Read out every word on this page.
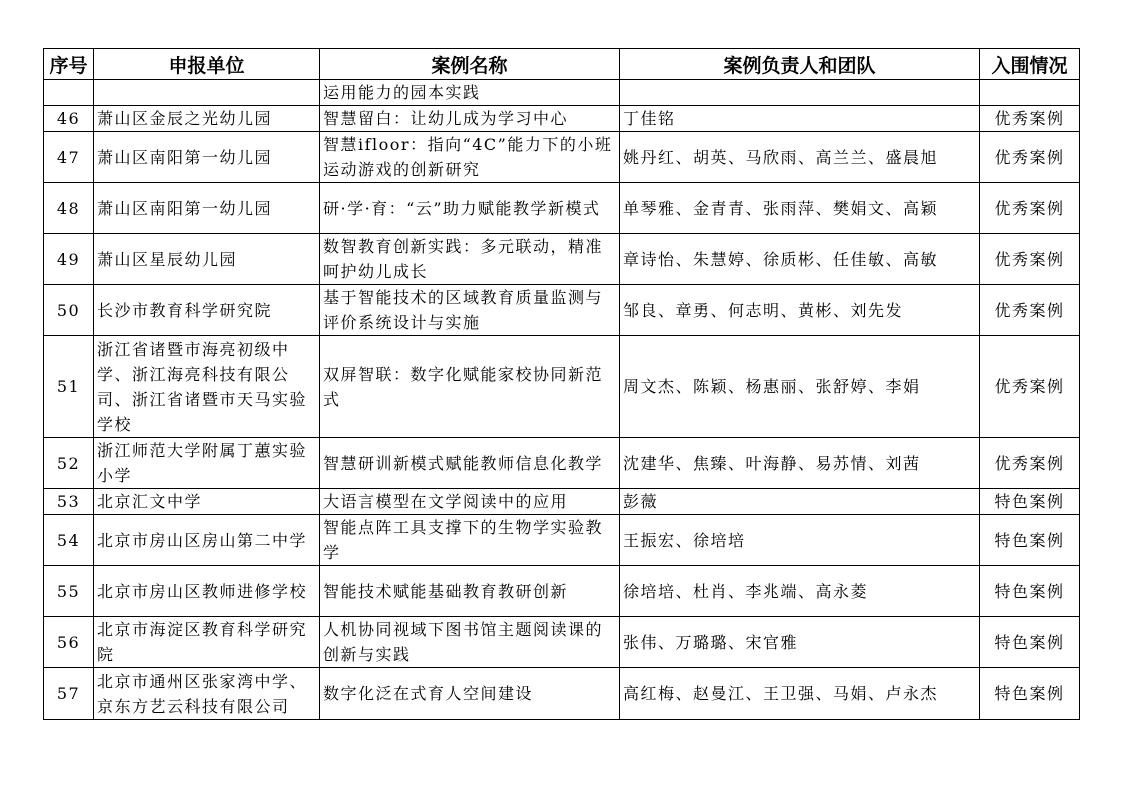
序号	申报单位	案例名称	案例负责人和团队	入围情况
		运用能力的园本实践		
46	萧山区金辰之光幼儿园	智慧留白：让幼儿成为学习中心	丁佳铭	优秀案例
47	萧山区南阳第一幼儿园	智慧ifloor：指向“4C”能力下的小班运动游戏的创新研究	姚丹红、胡英、马欣雨、高兰兰、盛晨旭	优秀案例
48	萧山区南阳第一幼儿园	研·学·育：“云”助力赋能教学新模式	单琴雅、金青青、张雨萍、樊娟文、高颖	优秀案例
49	萧山区星辰幼儿园	数智教育创新实践：多元联动，精准呵护幼儿成长	章诗怡、朱慧婷、徐质彬、任佳敏、高敏	优秀案例
50	长沙市教育科学研究院	基于智能技术的区域教育质量监测与评价系统设计与实施	邹良、章勇、何志明、黄彬、刘先发	优秀案例
51	浙江省诸暨市海亮初级中学、浙江海亮科技有限公司、浙江省诸暨市天马实验学校	双屏智联：数字化赋能家校协同新范式	周文杰、陈颖、杨惠丽、张舒婷、李娟	优秀案例
52	浙江师范大学附属丁蕙实验小学	智慧研训新模式赋能教师信息化教学	沈建华、焦臻、叶海静、易苏情、刘茜	优秀案例
53	北京汇文中学	大语言模型在文学阅读中的应用	彭薇	特色案例
54	北京市房山区房山第二中学	智能点阵工具支撑下的生物学实验教学	王振宏、徐培培	特色案例
55	北京市房山区教师进修学校	智能技术赋能基础教育教研创新	徐培培、杜肖、李兆端、高永菱	特色案例
56	北京市海淀区教育科学研究院	人机协同视域下图书馆主题阅读课的创新与实践	张伟、万璐璐、宋官雅	特色案例
57	北京市通州区张家湾中学、京东方艺云科技有限公司	数字化泛在式育人空间建设	高红梅、赵曼江、王卫强、马娟、卢永杰	特色案例
